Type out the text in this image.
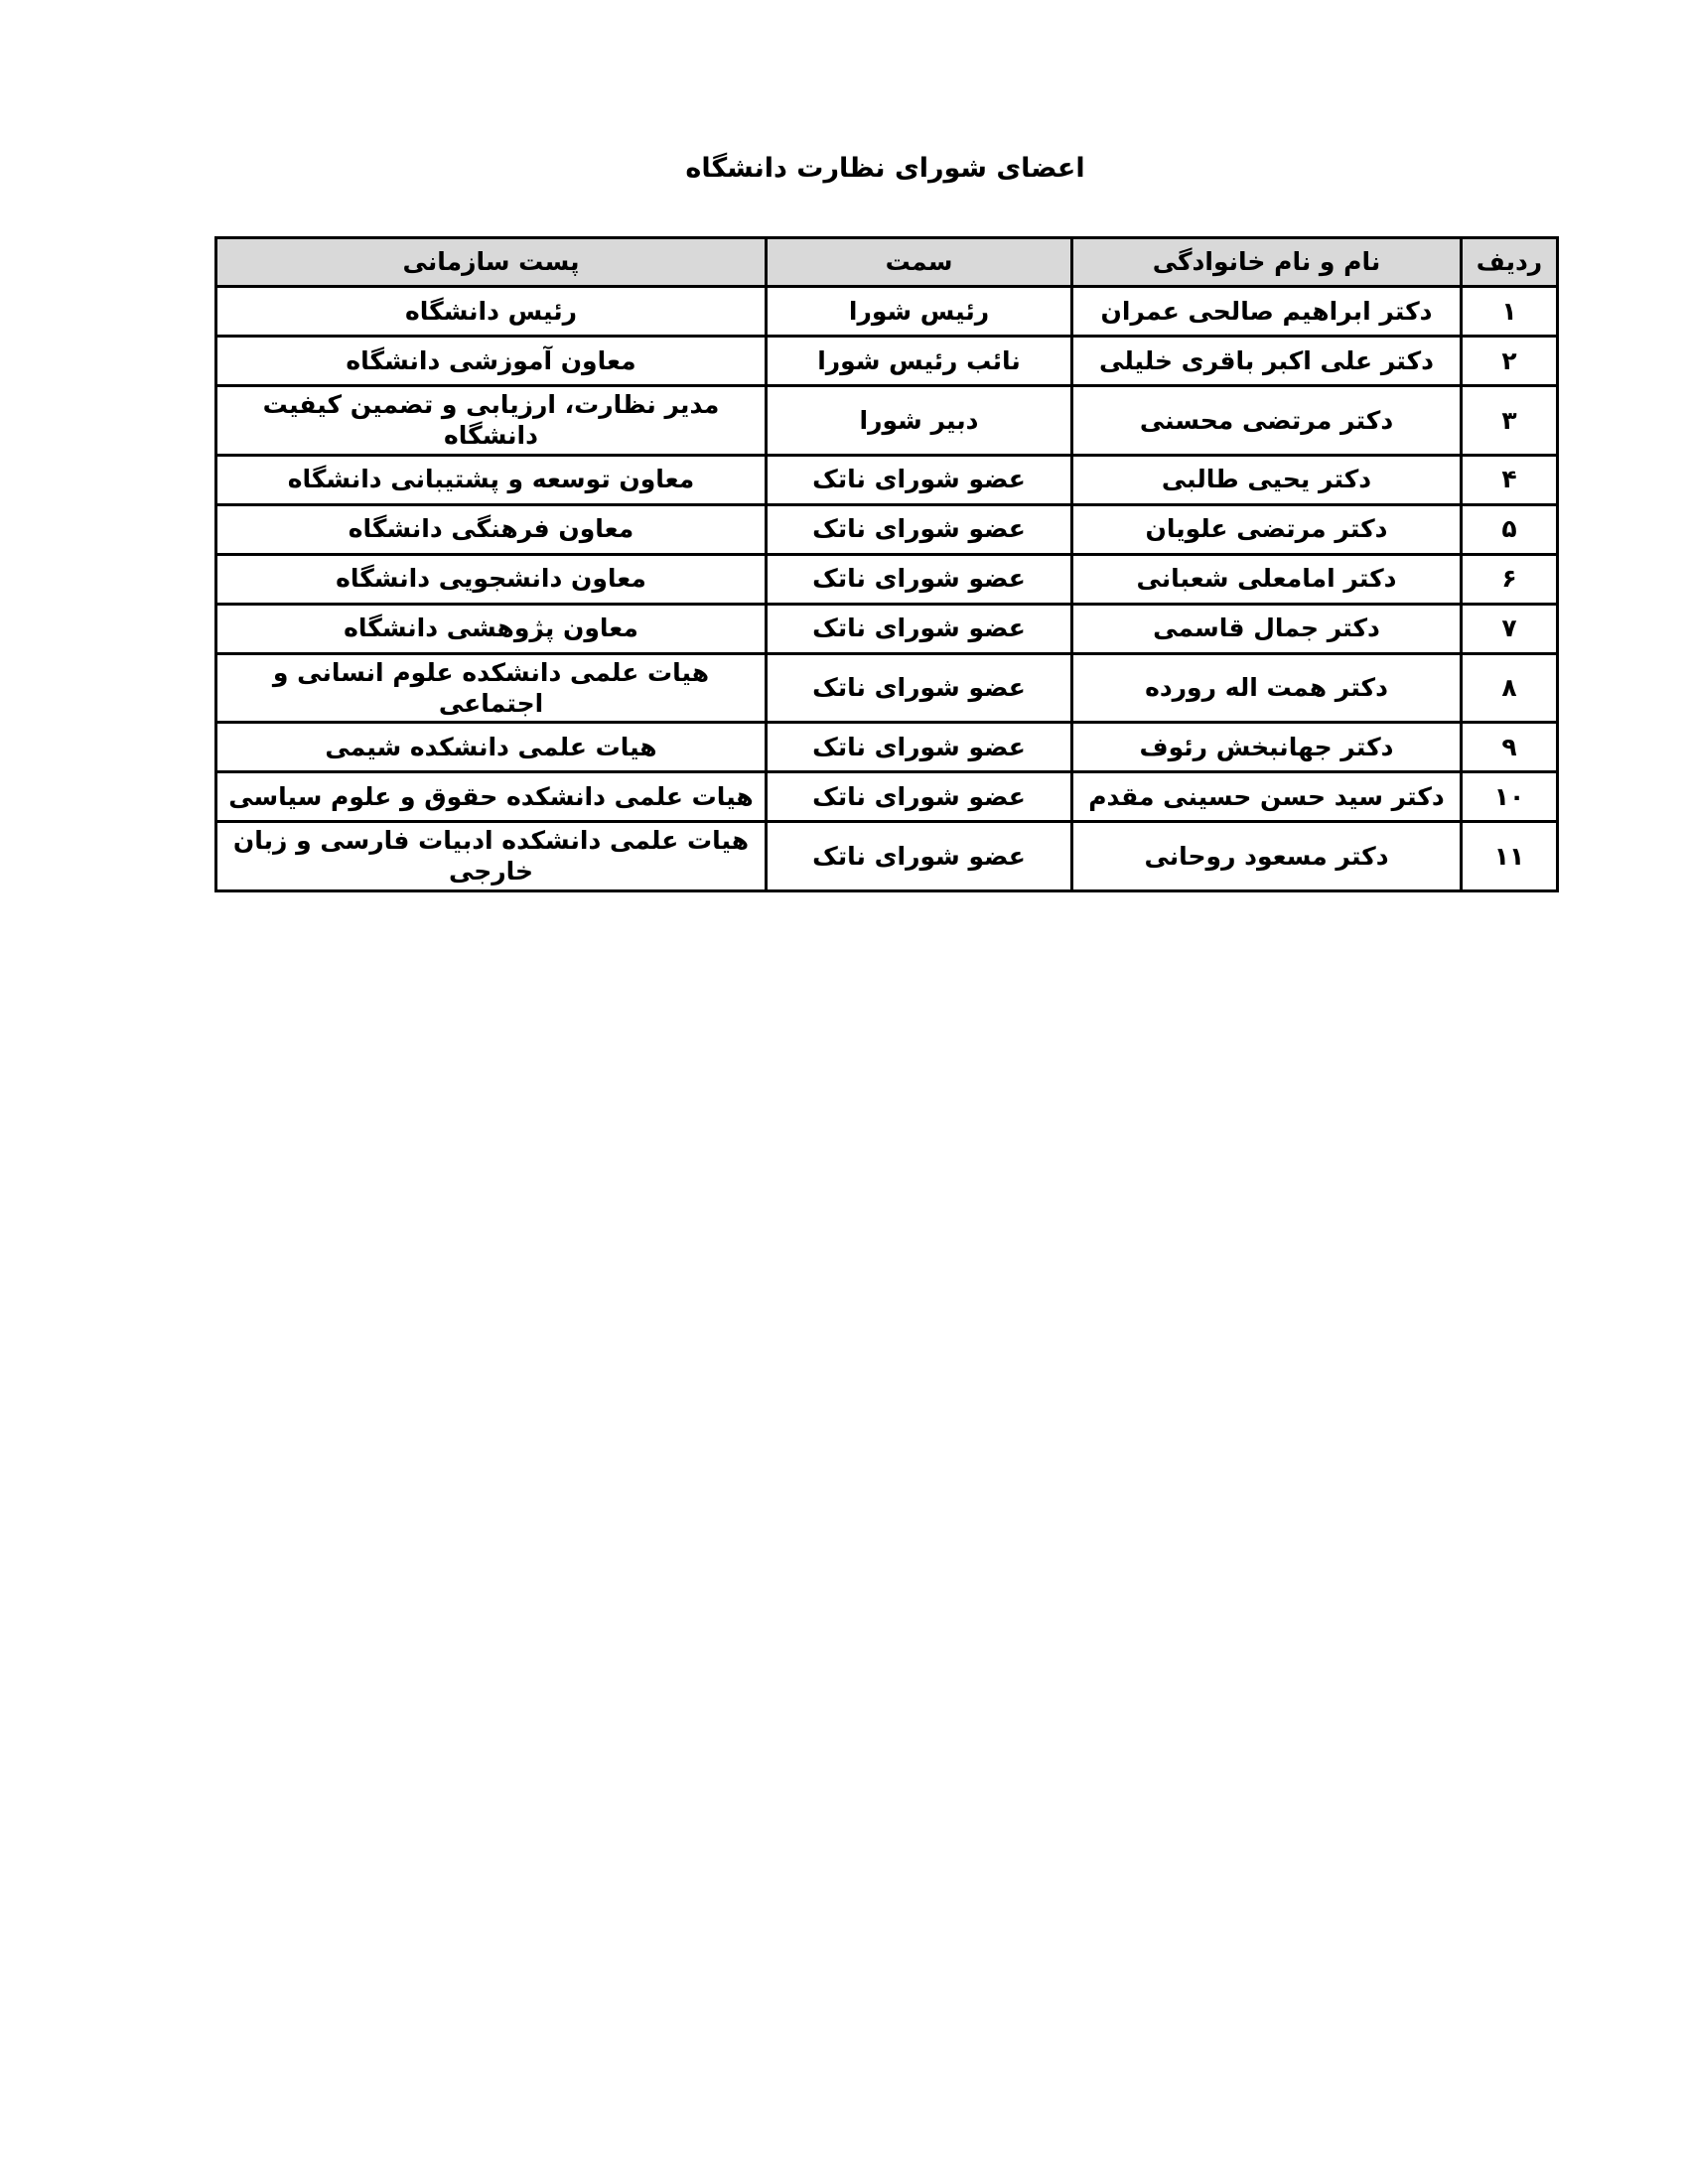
اعضای شورای نظارت دانشگاه
ردیف	نام و نام خانوادگی	سمت	پست سازمانی
۱	دکتر ابراهیم صالحی عمران	رئیس شورا	رئیس دانشگاه
۲	دکتر علی اکبر باقری خلیلی	نائب رئیس شورا	معاون آموزشی دانشگاه
۳	دکتر مرتضی محسنی	دبیر شورا	مدیر نظارت، ارزیابی و تضمین کیفیت دانشگاه
۴	دکتر یحیی طالبی	عضو شورای ناتک	معاون توسعه و پشتیبانی دانشگاه
۵	دکتر مرتضی علویان	عضو شورای ناتک	معاون فرهنگی دانشگاه
۶	دکتر امامعلی شعبانی	عضو شورای ناتک	معاون دانشجویی دانشگاه
۷	دکتر جمال قاسمی	عضو شورای ناتک	معاون پژوهشی دانشگاه
۸	دکتر همت اله رورده	عضو شورای ناتک	هیات علمی دانشکده علوم انسانی و اجتماعی
۹	دکتر جهانبخش رئوف	عضو شورای ناتک	هیات علمی دانشکده شیمی
۱۰	دکتر سید حسن حسینی مقدم	عضو شورای ناتک	هیات علمی دانشکده حقوق و علوم سیاسی
۱۱	دکتر مسعود روحانی	عضو شورای ناتک	هیات علمی دانشکده ادبیات فارسی و زبان خارجی
